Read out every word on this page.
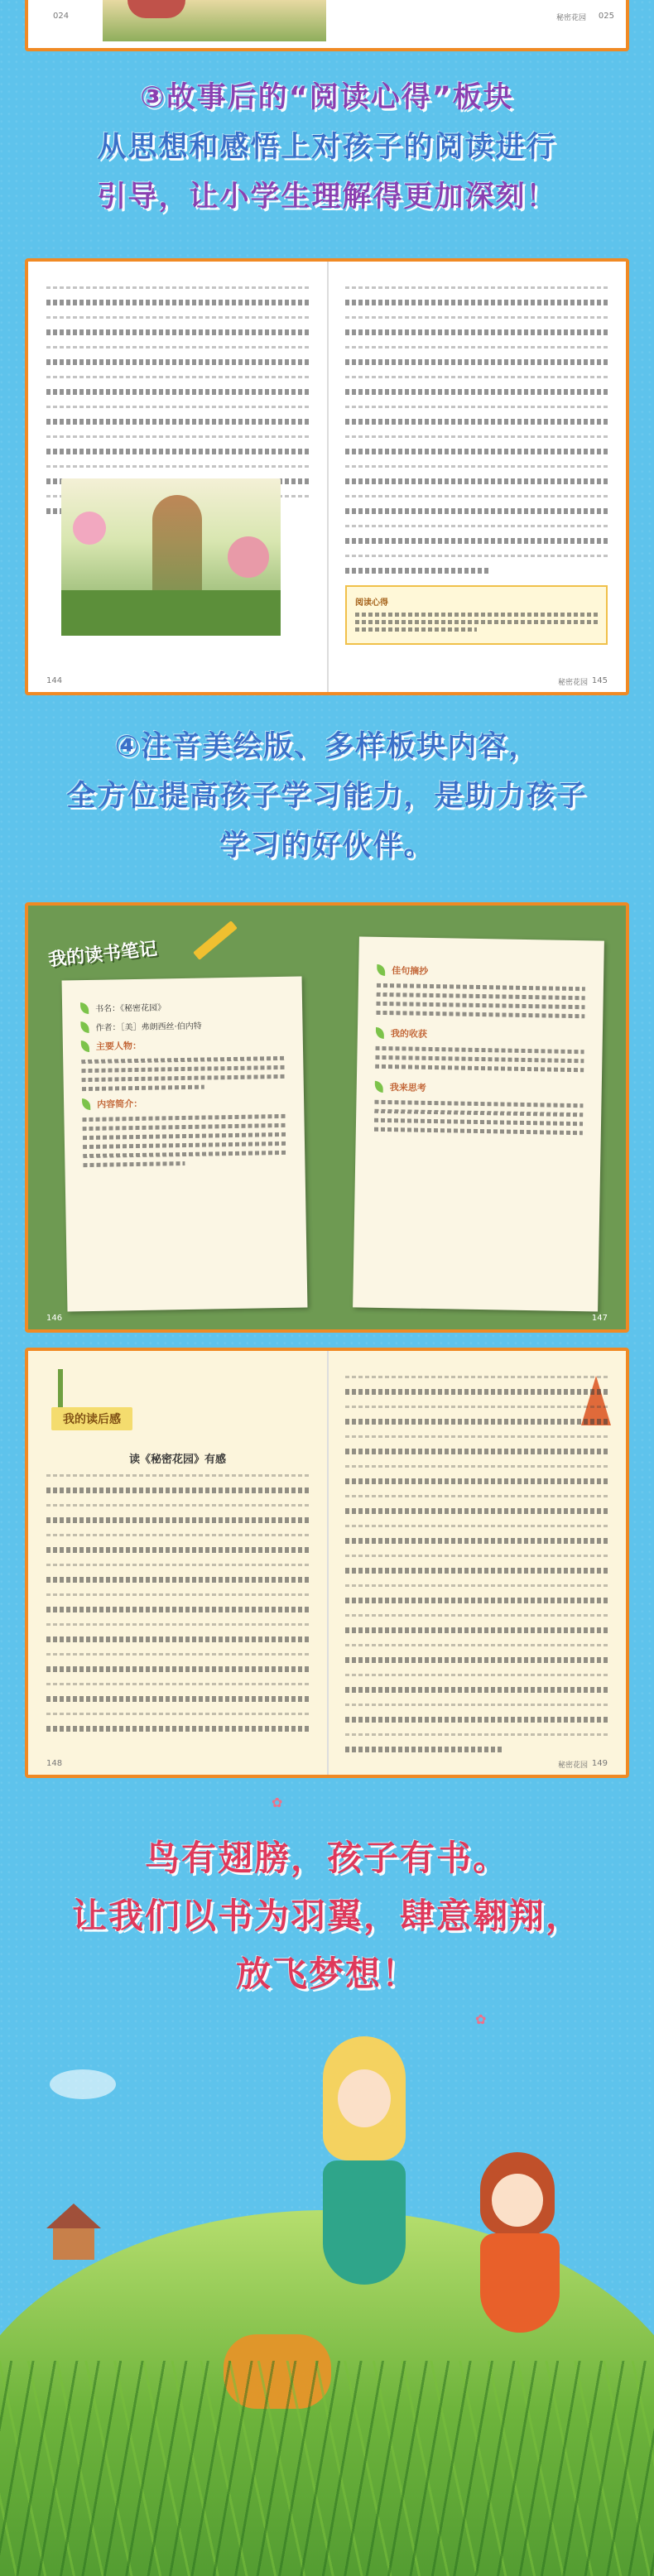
024	秘密花园 025
③故事后的“阅读心得”板块
从思想和感悟上对孩子的阅读进行
引导，让小学生理解得更加深刻！
144
阅读心得
秘密花园 145
④注音美绘版、多样板块内容，
全方位提高孩子学习能力，是助力孩子
学习的好伙伴。
我的读书笔记
书名：《秘密花园》
作者：［美］弗朗西丝·伯内特
主要人物：
内容简介：
佳句摘抄
我的收获
我来思考
146	147
我的读后感
读《秘密花园》有感
148	秘密花园 149
✿
鸟有翅膀，孩子有书。
让我们以书为羽翼，肆意翱翔，
放飞梦想！
✿
